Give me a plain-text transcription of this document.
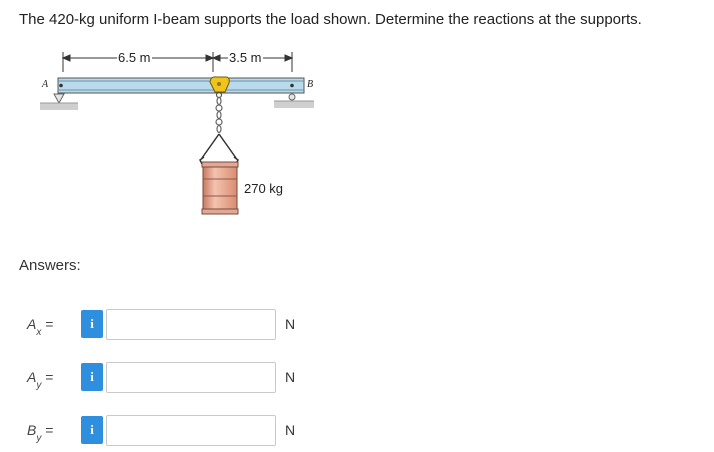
The 420-kg uniform I-beam supports the load shown. Determine the reactions at the supports.
6.5 m	3.5 m
A	B
270 kg
Answers:
$A_x$ =	i	N
$A_y$ =	i	N
$B_y$ =	i	N
